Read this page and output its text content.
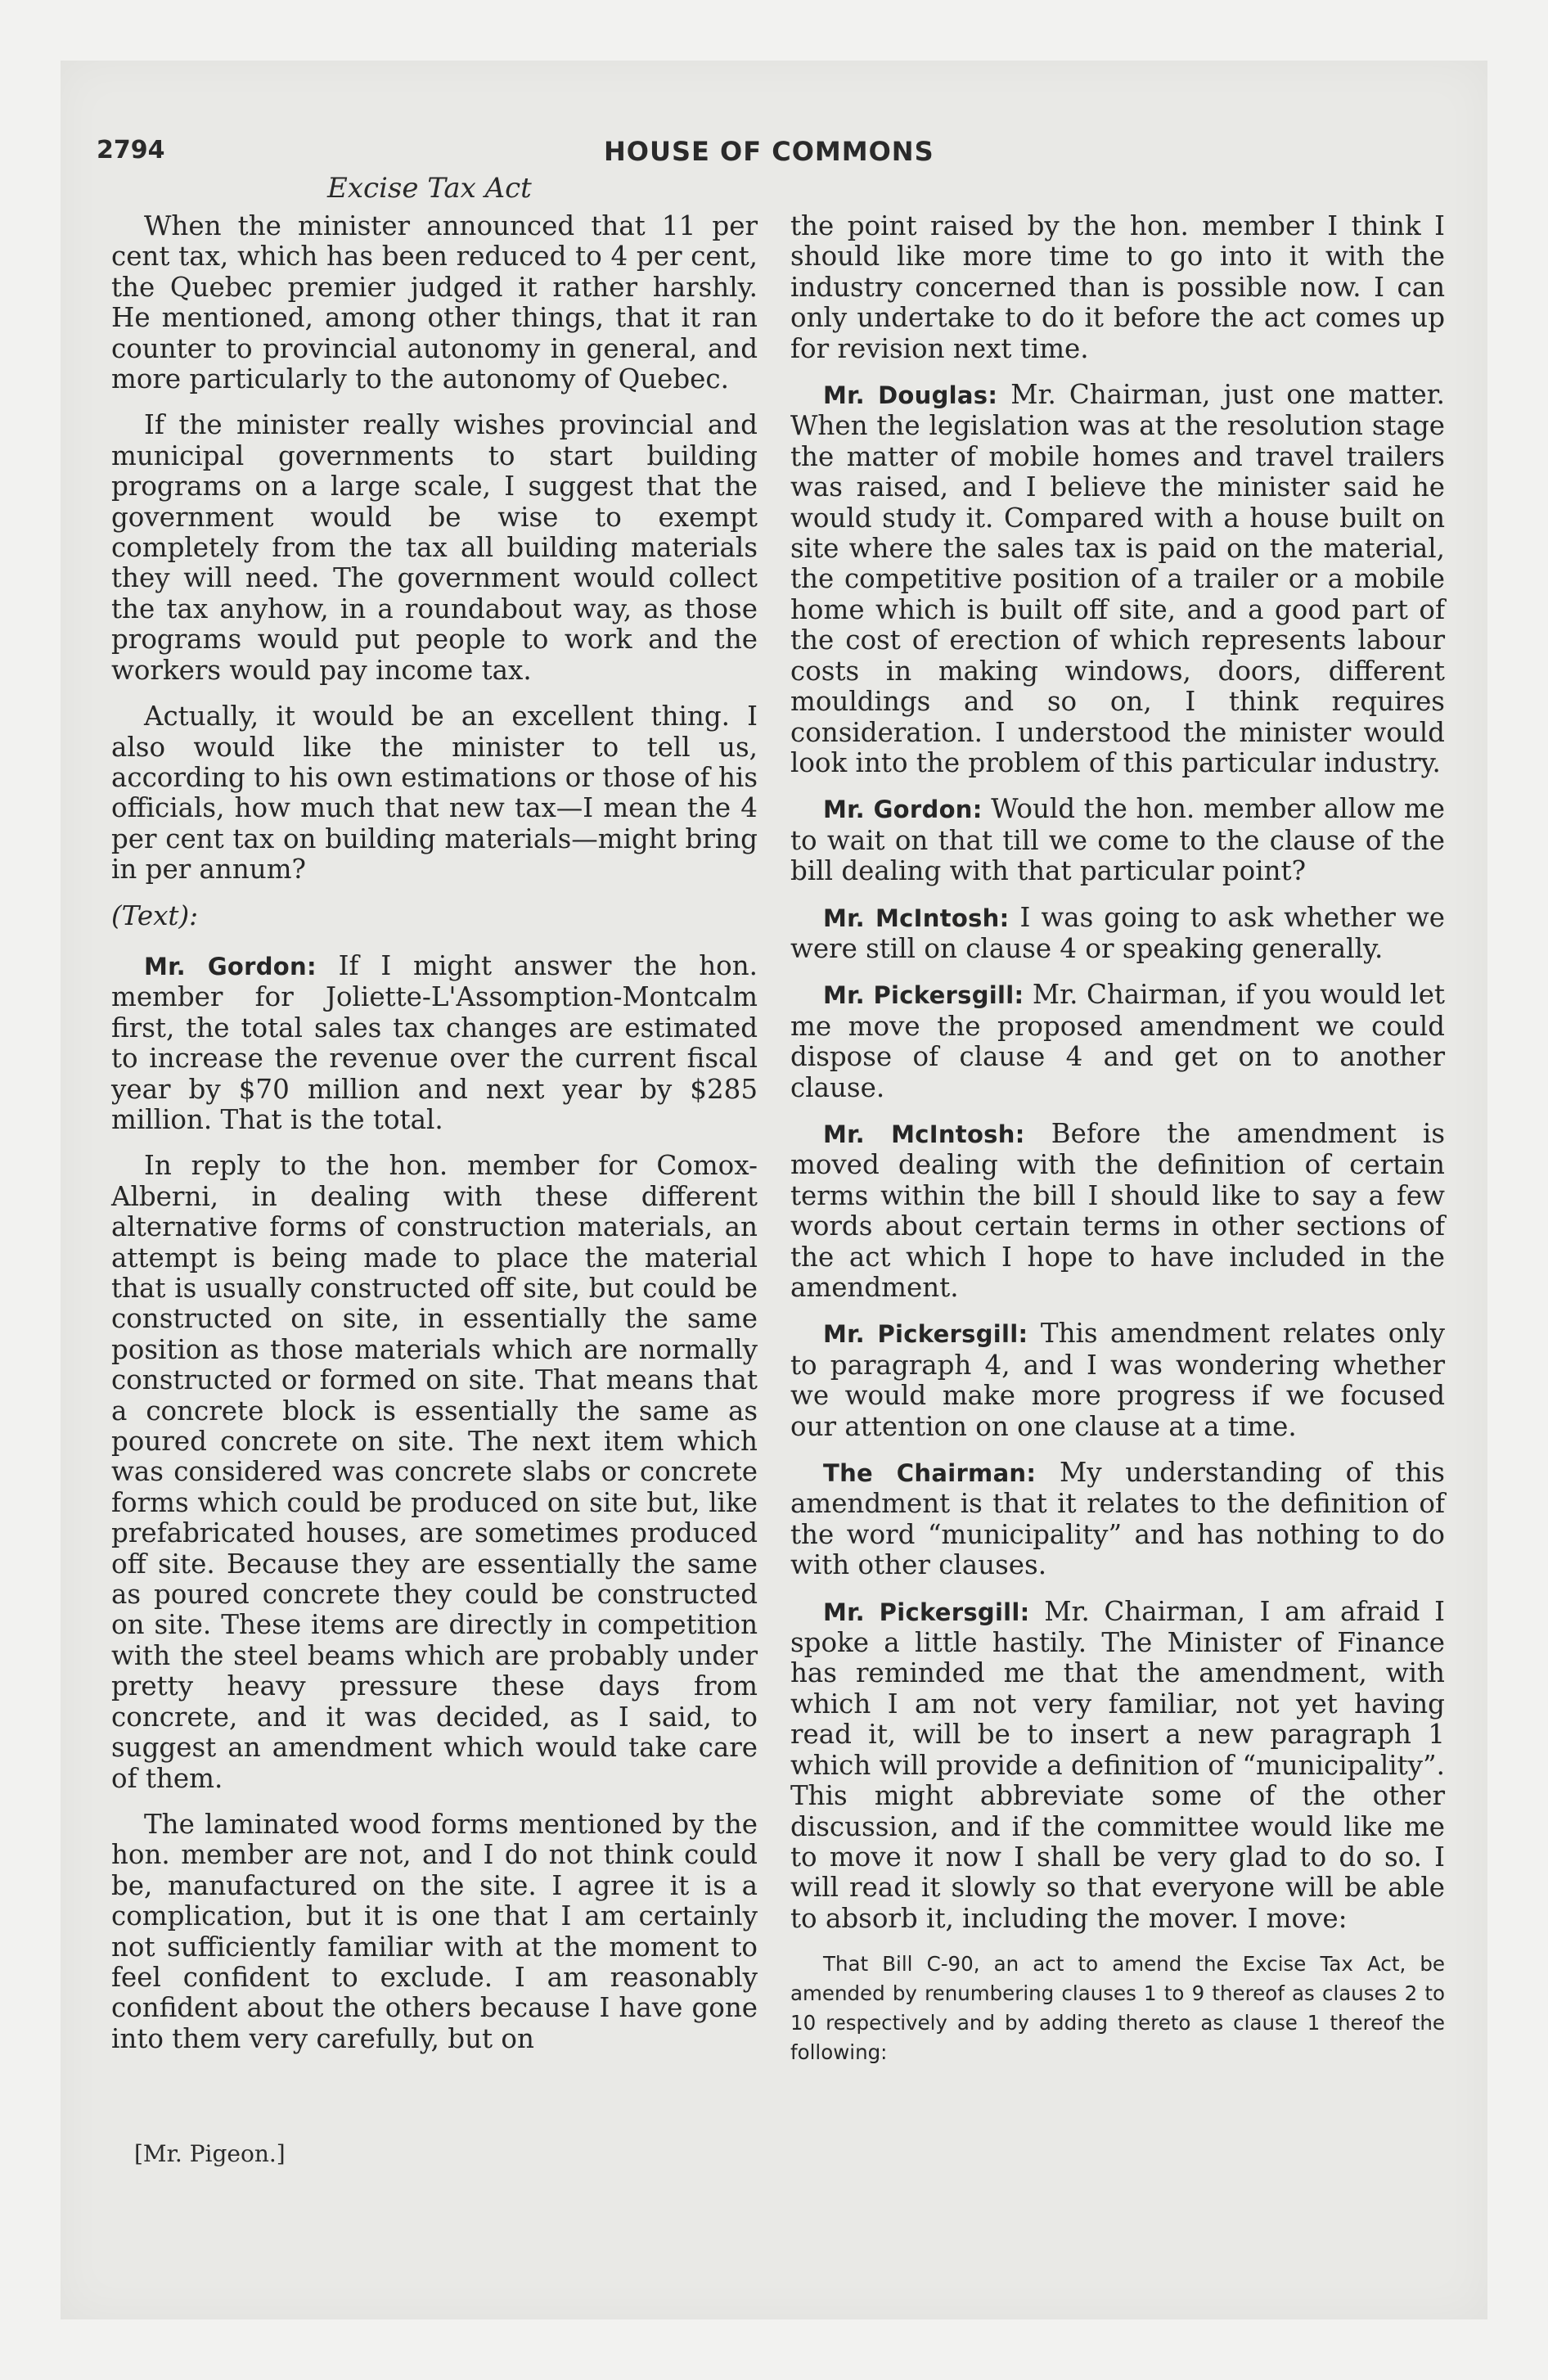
2794	HOUSE OF COMMONS
Excise Tax Act

When the minister announced that 11 per cent tax, which has been reduced to 4 per cent, the Quebec premier judged it rather harshly. He mentioned, among other things, that it ran counter to provincial autonomy in general, and more particularly to the autonomy of Quebec.

If the minister really wishes provincial and municipal governments to start building programs on a large scale, I suggest that the government would be wise to exempt completely from the tax all building materials they will need. The government would collect the tax anyhow, in a roundabout way, as those programs would put people to work and the workers would pay income tax.

Actually, it would be an excellent thing. I also would like the minister to tell us, according to his own estimations or those of his officials, how much that new tax—I mean the 4 per cent tax on building materials—might bring in per annum?

(Text):

Mr. Gordon: If I might answer the hon. member for Joliette-L'Assomption-Montcalm first, the total sales tax changes are estimated to increase the revenue over the current fiscal year by $70 million and next year by $285 million. That is the total.

In reply to the hon. member for Comox-Alberni, in dealing with these different alternative forms of construction materials, an attempt is being made to place the material that is usually constructed off site, but could be constructed on site, in essentially the same position as those materials which are normally constructed or formed on site. That means that a concrete block is essentially the same as poured concrete on site. The next item which was considered was concrete slabs or concrete forms which could be produced on site but, like prefabricated houses, are sometimes produced off site. Because they are essentially the same as poured concrete they could be constructed on site. These items are directly in competition with the steel beams which are probably under pretty heavy pressure these days from concrete, and it was decided, as I said, to suggest an amendment which would take care of them.

The laminated wood forms mentioned by the hon. member are not, and I do not think could be, manufactured on the site. I agree it is a complication, but it is one that I am certainly not sufficiently familiar with at the moment to feel confident to exclude. I am reasonably confident about the others because I have gone into them very carefully, but on

the point raised by the hon. member I think I should like more time to go into it with the industry concerned than is possible now. I can only undertake to do it before the act comes up for revision next time.

Mr. Douglas: Mr. Chairman, just one matter. When the legislation was at the resolution stage the matter of mobile homes and travel trailers was raised, and I believe the minister said he would study it. Compared with a house built on site where the sales tax is paid on the material, the competitive position of a trailer or a mobile home which is built off site, and a good part of the cost of erection of which represents labour costs in making windows, doors, different mouldings and so on, I think requires consideration. I understood the minister would look into the problem of this particular industry.

Mr. Gordon: Would the hon. member allow me to wait on that till we come to the clause of the bill dealing with that particular point?

Mr. McIntosh: I was going to ask whether we were still on clause 4 or speaking generally.

Mr. Pickersgill: Mr. Chairman, if you would let me move the proposed amendment we could dispose of clause 4 and get on to another clause.

Mr. McIntosh: Before the amendment is moved dealing with the definition of certain terms within the bill I should like to say a few words about certain terms in other sections of the act which I hope to have included in the amendment.

Mr. Pickersgill: This amendment relates only to paragraph 4, and I was wondering whether we would make more progress if we focused our attention on one clause at a time.

The Chairman: My understanding of this amendment is that it relates to the definition of the word “municipality” and has nothing to do with other clauses.

Mr. Pickersgill: Mr. Chairman, I am afraid I spoke a little hastily. The Minister of Finance has reminded me that the amendment, with which I am not very familiar, not yet having read it, will be to insert a new paragraph 1 which will provide a definition of “municipality”. This might abbreviate some of the other discussion, and if the committee would like me to move it now I shall be very glad to do so. I will read it slowly so that everyone will be able to absorb it, including the mover. I move:

That Bill C-90, an act to amend the Excise Tax Act, be amended by renumbering clauses 1 to 9 thereof as clauses 2 to 10 respectively and by adding thereto as clause 1 thereof the following:

[Mr. Pigeon.]
